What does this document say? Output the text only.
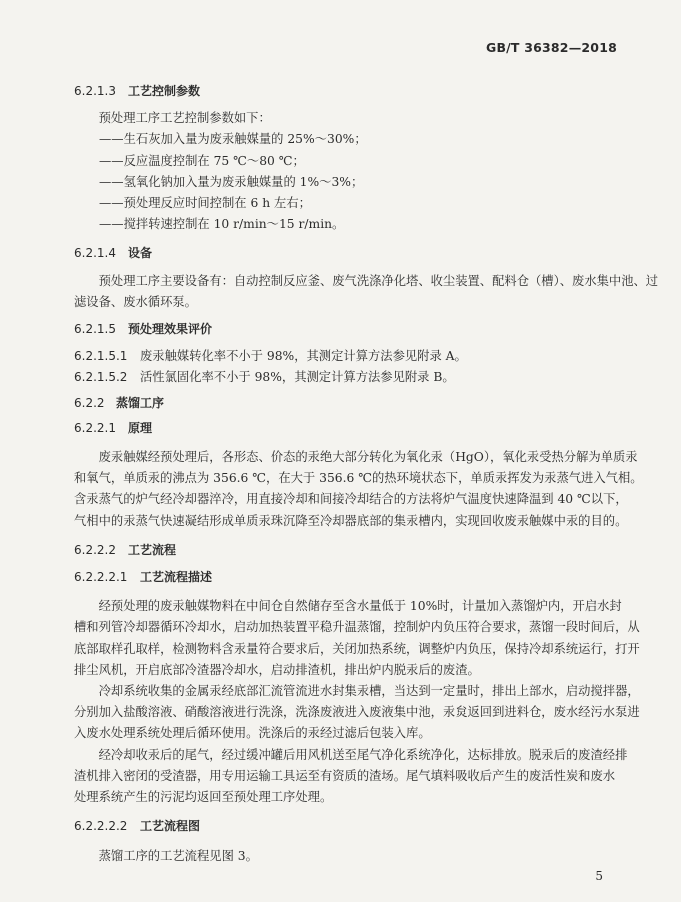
GB/T 36382—2018
6.2.1.3 工艺控制参数
预处理工序工艺控制参数如下：
——生石灰加入量为废汞触媒量的 25%～30%；
——反应温度控制在 75 ℃～80 ℃；
——氢氧化钠加入量为废汞触媒量的 1%～3%；
——预处理反应时间控制在 6 h 左右；
——搅拌转速控制在 10 r/min～15 r/min。
6.2.1.4 设备
预处理工序主要设备有：自动控制反应釜、废气洗涤净化塔、收尘装置、配料仓（槽）、废水集中池、过
滤设备、废水循环泵。
6.2.1.5 预处理效果评价
6.2.1.5.1 废汞触媒转化率不小于 98%，其测定计算方法参见附录 A。
6.2.1.5.2 活性氯固化率不小于 98%，其测定计算方法参见附录 B。
6.2.2 蒸馏工序
6.2.2.1 原理
废汞触媒经预处理后，各形态、价态的汞绝大部分转化为氧化汞（HgO），氧化汞受热分解为单质汞
和氧气，单质汞的沸点为 356.6 ℃，在大于 356.6 ℃的热环境状态下，单质汞挥发为汞蒸气进入气相。
含汞蒸气的炉气经冷却器淬冷，用直接冷却和间接冷却结合的方法将炉气温度快速降温到 40 ℃以下，
气相中的汞蒸气快速凝结形成单质汞珠沉降至冷却器底部的集汞槽内，实现回收废汞触媒中汞的目的。
6.2.2.2 工艺流程
6.2.2.2.1 工艺流程描述
经预处理的废汞触媒物料在中间仓自然储存至含水量低于 10%时，计量加入蒸馏炉内，开启水封
槽和列管冷却器循环冷却水，启动加热装置平稳升温蒸馏，控制炉内负压符合要求，蒸馏一段时间后，从
底部取样孔取样，检测物料含汞量符合要求后，关闭加热系统，调整炉内负压，保持冷却系统运行，打开
排尘风机，开启底部冷渣器冷却水，启动排渣机，排出炉内脱汞后的废渣。
冷却系统收集的金属汞经底部汇流管流进水封集汞槽，当达到一定量时，排出上部水，启动搅拌器，
分别加入盐酸溶液、硝酸溶液进行洗涤，洗涤废液进入废液集中池，汞炱返回到进料仓，废水经污水泵进
入废水处理系统处理后循环使用。洗涤后的汞经过滤后包装入库。
经冷却收汞后的尾气，经过缓冲罐后用风机送至尾气净化系统净化，达标排放。脱汞后的废渣经排
渣机排入密闭的受渣器，用专用运输工具运至有资质的渣场。尾气填料吸收后产生的废活性炭和废水
处理系统产生的污泥均返回至预处理工序处理。
6.2.2.2.2 工艺流程图
蒸馏工序的工艺流程见图 3。
5
